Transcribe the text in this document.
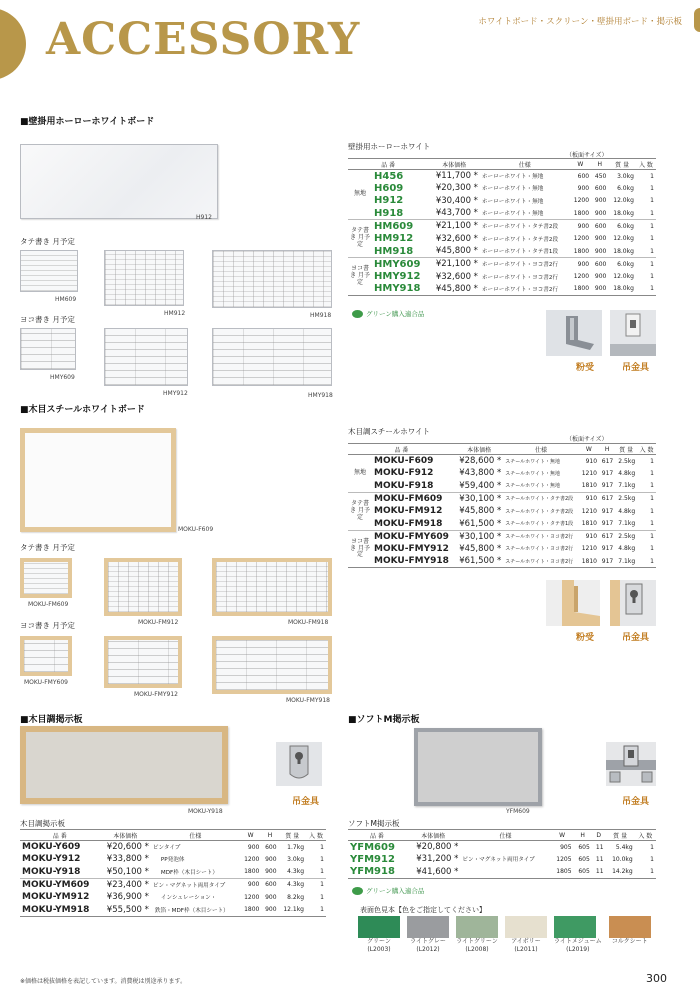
ACCESSORY	ホワイトボード・スクリーン・壁掛用ボード・掲示板
■壁掛用ホーローホワイトボード
H912
タテ書き 月予定
HM609
HM912	HM918
ヨコ書き 月予定
HMY609
HMY912	HMY918
壁掛用ホーローホワイト
（板面サイズ）
品 番		本体価格	仕様	W	H	質 量	入 数
無地	H456	¥11,700 *	ホーローホワイト・無地	600	450	3.0kg	1
	H609	¥20,300 *	ホーローホワイト・無地	900	600	6.0kg	1
	H912	¥30,400 *	ホーローホワイト・無地	1200	900	12.0kg	1
	H918	¥43,700 *	ホーローホワイト・無地	1800	900	18.0kg	1
タテ書き 月予定	HM609	¥21,100 *	ホーローホワイト・タテ書2段	900	600	6.0kg	1
	HM912	¥32,600 *	ホーローホワイト・タテ書2段	1200	900	12.0kg	1
	HM918	¥45,800 *	ホーローホワイト・タテ書1段	1800	900	18.0kg	1
ヨコ書き 月予定	HMY609	¥21,100 *	ホーローホワイト・ヨコ書2行	900	600	6.0kg	1
	HMY912	¥32,600 *	ホーローホワイト・ヨコ書2行	1200	900	12.0kg	1
	HMY918	¥45,800 *	ホーローホワイト・ヨコ書2行	1800	900	18.0kg	1
グリーン購入適合品
粉受	吊金具
■木目スチールホワイトボード
MOKU-F609
タテ書き 月予定
MOKU-FM609
MOKU-FM912	MOKU-FM918
ヨコ書き 月予定
MOKU-FMY609
MOKU-FMY912
MOKU-FMY918
木目調スチールホワイト
（板面サイズ）
品 番		本体価格	仕様	W	H	質 量	入 数
無地	MOKU-F609	¥28,600 *	スチールホワイト・無地	910	617	2.5kg	1
	MOKU-F912	¥43,800 *	スチールホワイト・無地	1210	917	4.8kg	1
	MOKU-F918	¥59,400 *	スチールホワイト・無地	1810	917	7.1kg	1
タテ書き 月予定	MOKU-FM609	¥30,100 *	スチールホワイト・タテ書2段	910	617	2.5kg	1
	MOKU-FM912	¥45,800 *	スチールホワイト・タテ書2段	1210	917	4.8kg	1
	MOKU-FM918	¥61,500 *	スチールホワイト・タテ書1段	1810	917	7.1kg	1
ヨコ書き 月予定	MOKU-FMY609	¥30,100 *	スチールホワイト・ヨコ書2行	910	617	2.5kg	1
	MOKU-FMY912	¥45,800 *	スチールホワイト・ヨコ書2行	1210	917	4.8kg	1
	MOKU-FMY918	¥61,500 *	スチールホワイト・ヨコ書2行	1810	917	7.1kg	1
粉受	吊金具
■木目調掲示板
MOKU-Y918
吊金具
木目調掲示板
品 番	本体価格	仕様	W	H	質 量	入 数
MOKU-Y609	¥20,600 *	ピンタイプ	900	600	1.7kg	1
MOKU-Y912	¥33,800 *	PP発泡体	1200	900	3.0kg	1
MOKU-Y918	¥50,100 *	MDF枠（木目シート）	1800	900	4.3kg	1
MOKU-YM609	¥23,400 *	ピン・マグネット両用タイプ	900	600	4.3kg	1
MOKU-YM912	¥36,900 *	インシュレーション・	1200	900	8.2kg	1
MOKU-YM918	¥55,500 *	鉄箔・MDF枠（木目シート）	1800	900	12.1kg	1
■ソフトM掲示板
YFM609
吊金具
ソフトM掲示板
品 番	本体価格	仕様	W	H	D	質 量	入 数
YFM609	¥20,800 *		905	605	11	5.4kg	1
YFM912	¥31,200 *	ピン・マグネット両用タイプ	1205	605	11	10.0kg	1
YFM918	¥41,600 *		1805	605	11	14.2kg	1
グリーン購入適合品
表面色見本【色をご指定してください】
グリーン
(L2003)
ライトグレー
(L2012)
ライトグリーン
(L2008)
アイボリー
(L2011)
ライトメジューム
(L2019)
コルクシート
※価格は税抜価格を表記しています。消費税は別途承ります。	300
